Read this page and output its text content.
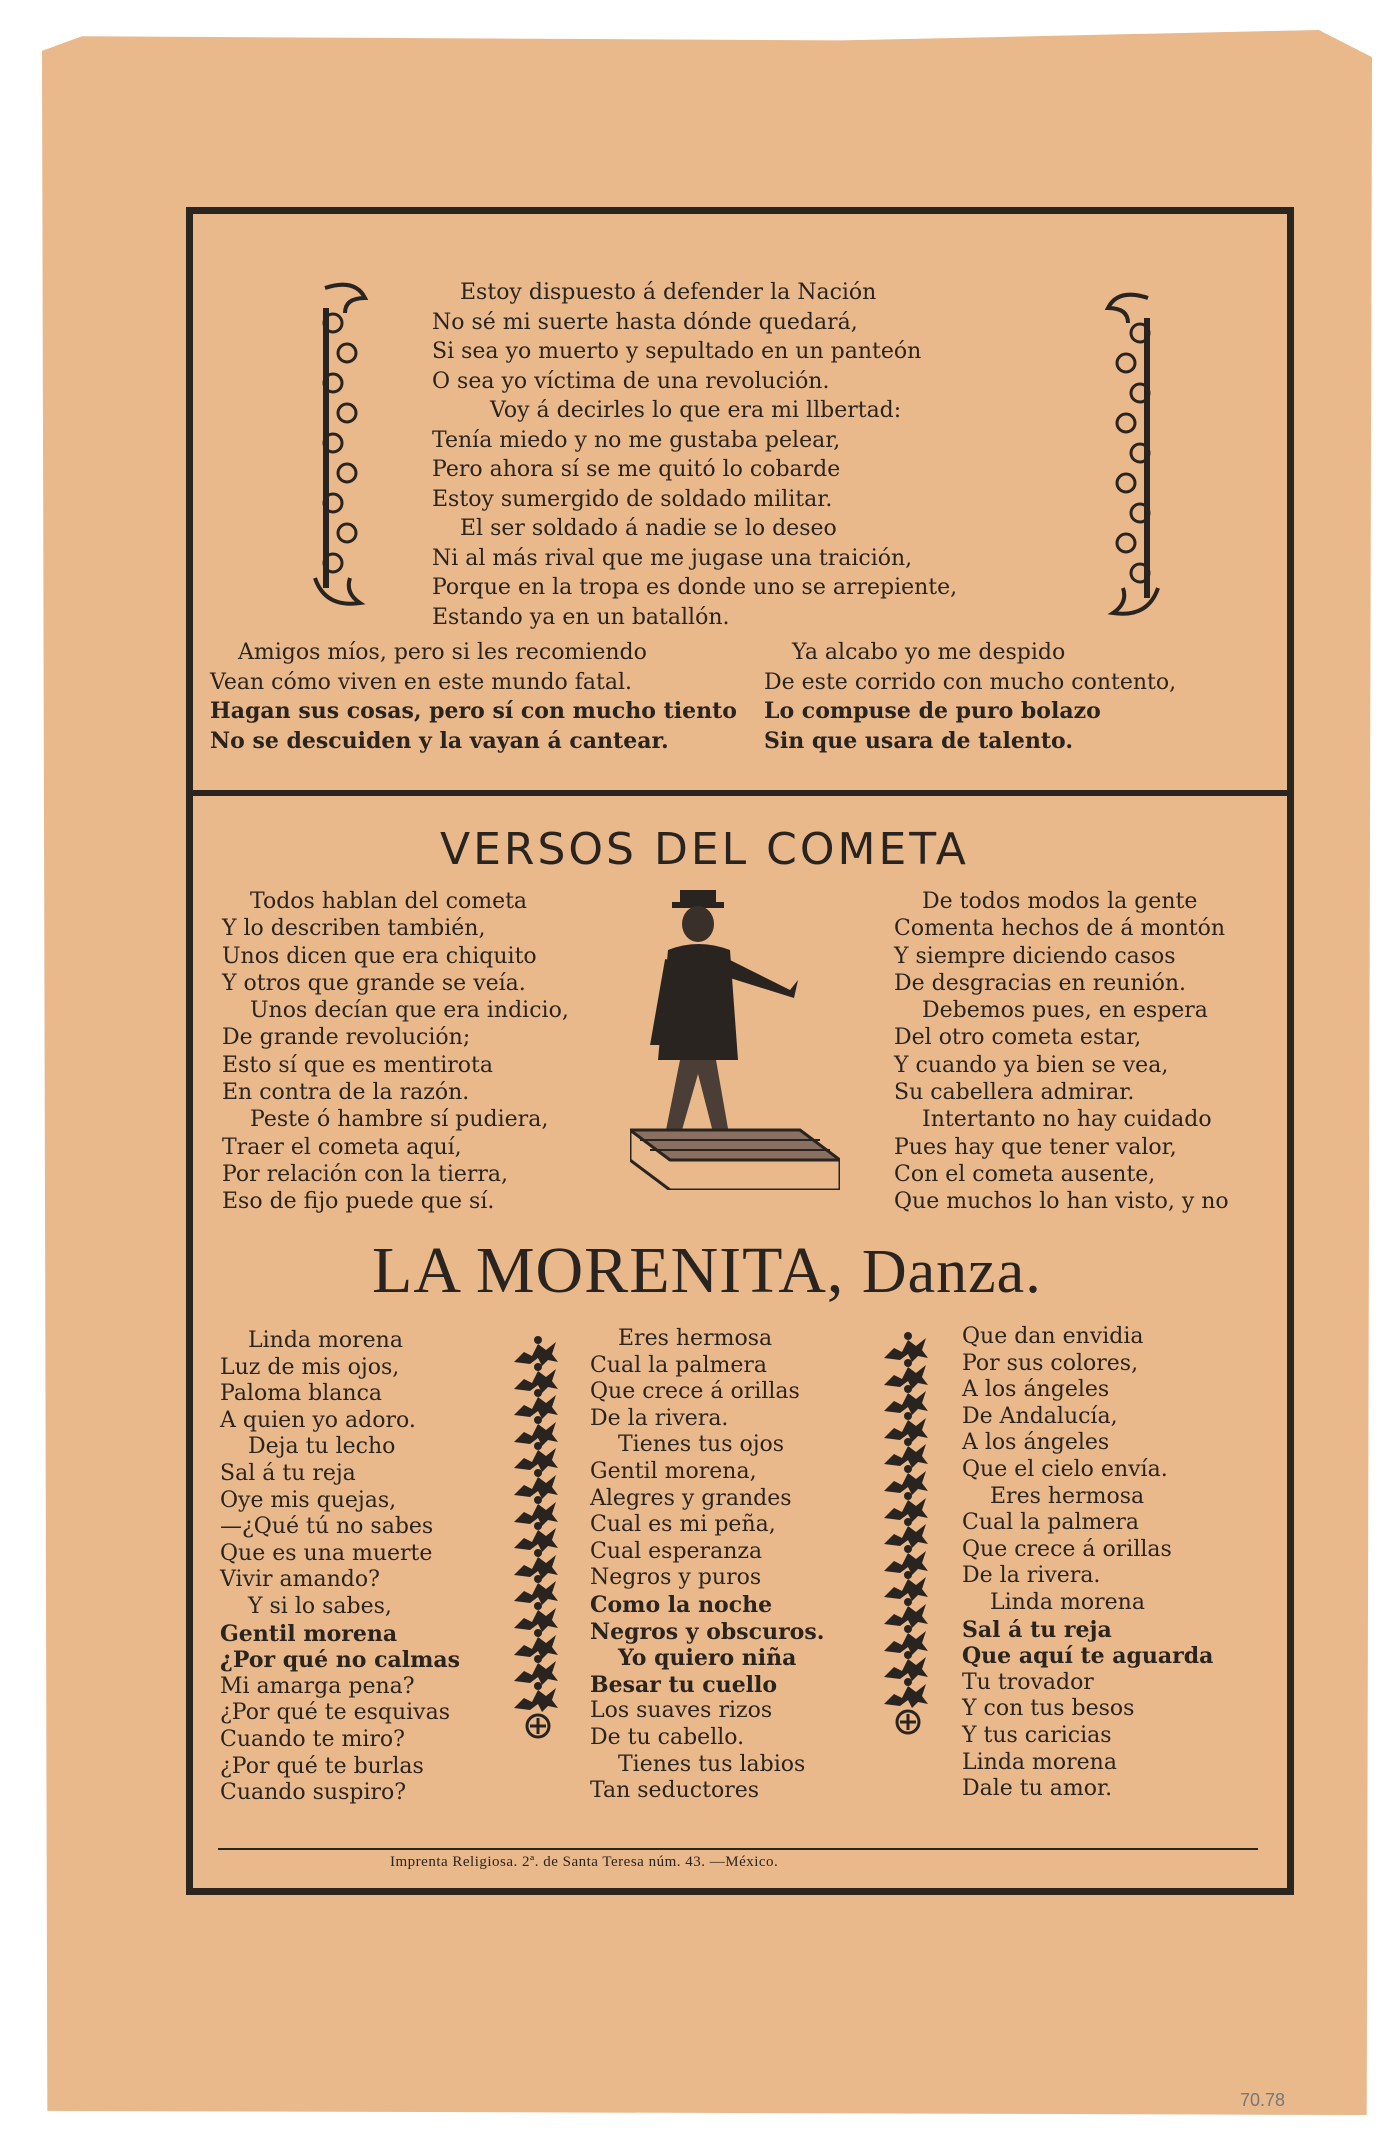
Estoy dispuesto á defender la Nación
No sé mi suerte hasta dónde quedará,
Si sea yo muerto y sepultado en un panteón
O sea yo víctima de una revolución.
Voy á decirles lo que era mi llbertad:
Tenía miedo y no me gustaba pelear,
Pero ahora sí se me quitó lo cobarde
Estoy sumergido de soldado militar.
El ser soldado á nadie se lo deseo
Ni al más rival que me jugase una traición,
Porque en la tropa es donde uno se arrepiente,
Estando ya en un batallón.
Amigos míos, pero si les recomiendo
Vean cómo viven en este mundo fatal.
Hagan sus cosas, pero sí con mucho tiento
No se descuiden y la vayan á cantear.
Ya alcabo yo me despido
De este corrido con mucho contento,
Lo compuse de puro bolazo
Sin que usara de talento.
VERSOS DEL COMETA
Todos hablan del cometa
Y lo describen también,
Unos dicen que era chiquito
Y otros que grande se veía.
Unos decían que era indicio,
De grande revolución;
Esto sí que es mentirota
En contra de la razón.
Peste ó hambre sí pudiera,
Traer el cometa aquí,
Por relación con la tierra,
Eso de fijo puede que sí.
De todos modos la gente
Comenta hechos de á montón
Y siempre diciendo casos
De desgracias en reunión.
Debemos pues, en espera
Del otro cometa estar,
Y cuando ya bien se vea,
Su cabellera admirar.
Intertanto no hay cuidado
Pues hay que tener valor,
Con el cometa ausente,
Que muchos lo han visto, y no
LA MORENITA, Danza.
Linda morena
Luz de mis ojos,
Paloma blanca
A quien yo adoro.
Deja tu lecho
Sal á tu reja
Oye mis quejas,
—¿Qué tú no sabes
Que es una muerte
Vivir amando?
Y si lo sabes,
Gentil morena
¿Por qué no calmas
Mi amarga pena?
¿Por qué te esquivas
Cuando te miro?
¿Por qué te burlas
Cuando suspiro?
Eres hermosa
Cual la palmera
Que crece á orillas
De la rivera.
Tienes tus ojos
Gentil morena,
Alegres y grandes
Cual es mi peña,
Cual esperanza
Negros y puros
Como la noche
Negros y obscuros.
Yo quiero niña
Besar tu cuello
Los suaves rizos
De tu cabello.
Tienes tus labios
Tan seductores
Que dan envidia
Por sus colores,
A los ángeles
De Andalucía,
A los ángeles
Que el cielo envía.
Eres hermosa
Cual la palmera
Que crece á orillas
De la rivera.
Linda morena
Sal á tu reja
Que aquí te aguarda
Tu trovador
Y con tus besos
Y tus caricias
Linda morena
Dale tu amor.
Imprenta Religiosa. 2ª. de Santa Teresa núm. 43. —México.
70.78
